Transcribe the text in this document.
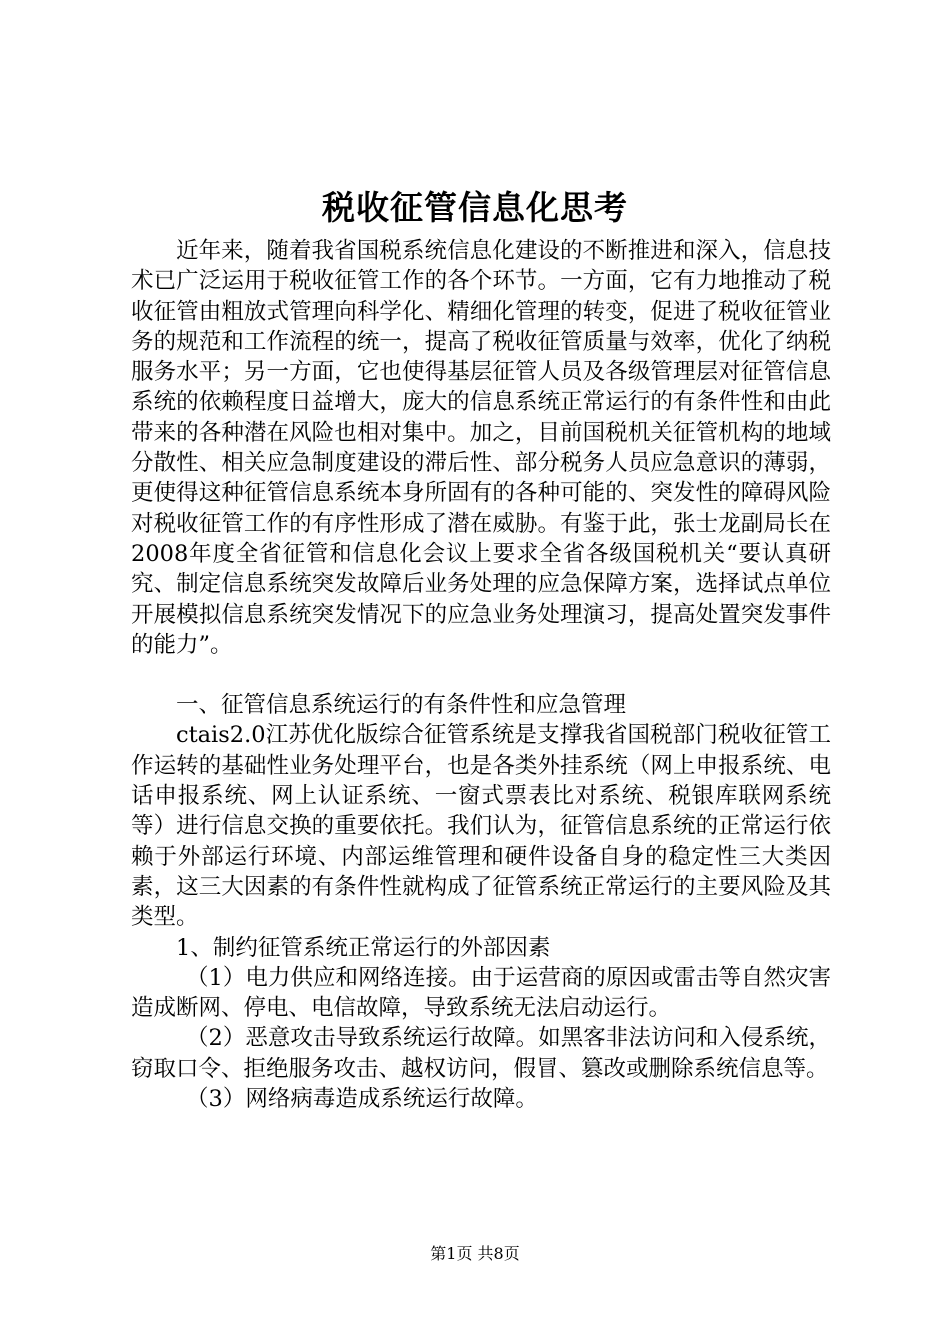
税收征管信息化思考

近年来，随着我省国税系统信息化建设的不断推进和深入，信息技术已广泛运用于税收征管工作的各个环节。一方面，它有力地推动了税收征管由粗放式管理向科学化、精细化管理的转变，促进了税收征管业务的规范和工作流程的统一，提高了税收征管质量与效率，优化了纳税服务水平；另一方面，它也使得基层征管人员及各级管理层对征管信息系统的依赖程度日益增大，庞大的信息系统正常运行的有条件性和由此带来的各种潜在风险也相对集中。加之，目前国税机关征管机构的地域分散性、相关应急制度建设的滞后性、部分税务人员应急意识的薄弱，更使得这种征管信息系统本身所固有的各种可能的、突发性的障碍风险对税收征管工作的有序性形成了潜在威胁。有鉴于此，张士龙副局长在2008年度全省征管和信息化会议上要求全省各级国税机关“要认真研究、制定信息系统突发故障后业务处理的应急保障方案，选择试点单位开展模拟信息系统突发情况下的应急业务处理演习，提高处置突发事件的能力”。

一、征管信息系统运行的有条件性和应急管理

ctais2.0江苏优化版综合征管系统是支撑我省国税部门税收征管工作运转的基础性业务处理平台，也是各类外挂系统（网上申报系统、电话申报系统、网上认证系统、一窗式票表比对系统、税银库联网系统等）进行信息交换的重要依托。我们认为，征管信息系统的正常运行依赖于外部运行环境、内部运维管理和硬件设备自身的稳定性三大类因素，这三大因素的有条件性就构成了征管系统正常运行的主要风险及其类型。

1、制约征管系统正常运行的外部因素

（1）电力供应和网络连接。由于运营商的原因或雷击等自然灾害造成断网、停电、电信故障，导致系统无法启动运行。

（2）恶意攻击导致系统运行故障。如黑客非法访问和入侵系统，窃取口令、拒绝服务攻击、越权访问，假冒、篡改或删除系统信息等。

（3）网络病毒造成系统运行故障。

第1页 共8页
